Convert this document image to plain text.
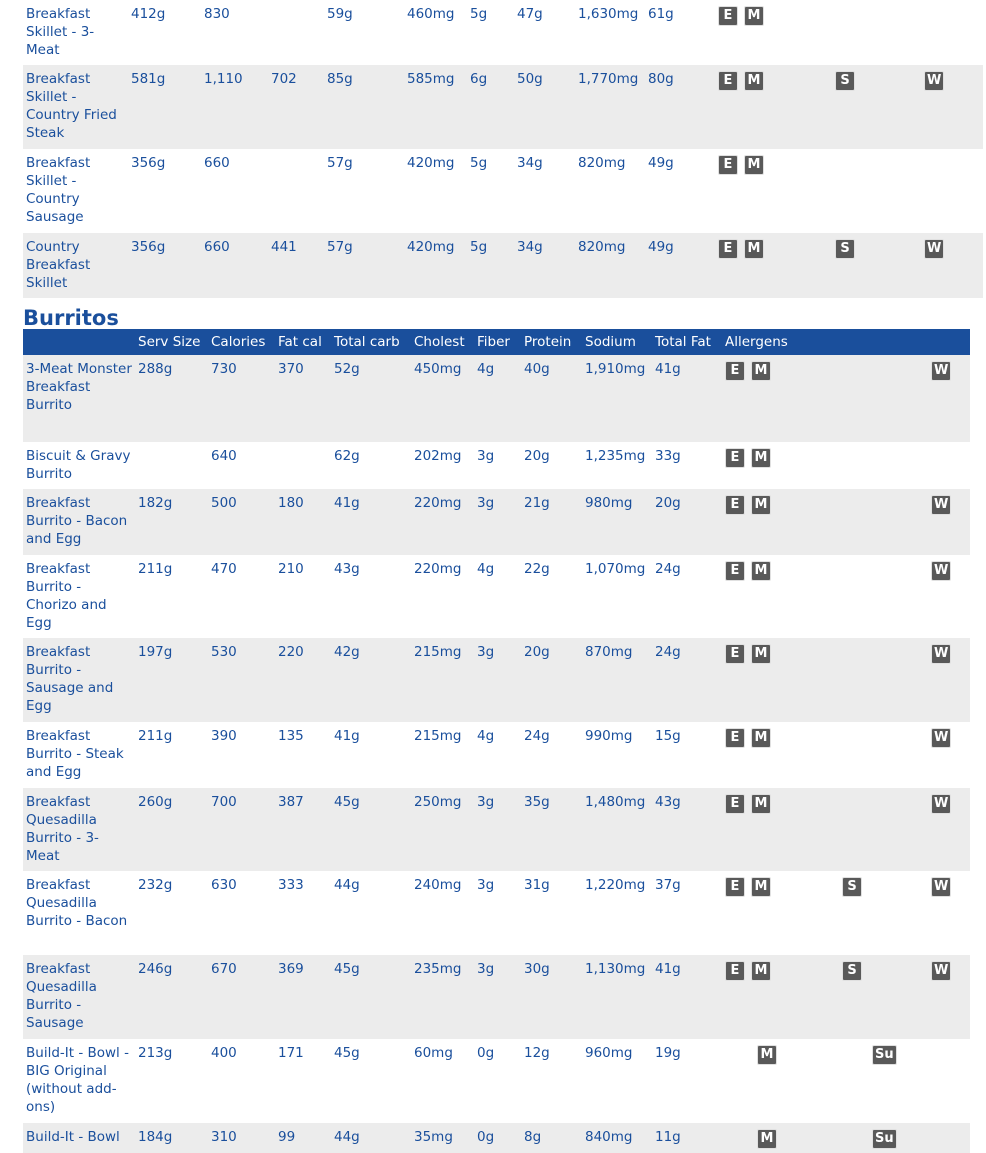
Breakfast Skillet - 3-Meat	412g	830		59g	460mg	5g	47g	1,630mg	61g	E M		
Breakfast Skillet - Country Fried Steak	581g	1,110	702	85g	585mg	6g	50g	1,770mg	80g	E M	S	W
Breakfast Skillet - Country Sausage	356g	660		57g	420mg	5g	34g	820mg	49g	E M		
Country Breakfast Skillet	356g	660	441	57g	420mg	5g	34g	820mg	49g	E M	S	W
Burritos
	Serv Size	Calories	Fat cal	Total carb	Cholest	Fiber	Protein	Sodium	Total Fat	Allergens			
3-Meat Monster Breakfast Burrito	288g	730	370	52g	450mg	4g	40g	1,910mg	41g	E M			W
Biscuit & Gravy Burrito		640		62g	202mg	3g	20g	1,235mg	33g	E M			
Breakfast Burrito - Bacon and Egg	182g	500	180	41g	220mg	3g	21g	980mg	20g	E M			W
Breakfast Burrito - Chorizo and Egg	211g	470	210	43g	220mg	4g	22g	1,070mg	24g	E M			W
Breakfast Burrito - Sausage and Egg	197g	530	220	42g	215mg	3g	20g	870mg	24g	E M			W
Breakfast Burrito - Steak and Egg	211g	390	135	41g	215mg	4g	24g	990mg	15g	E M			W
Breakfast Quesadilla Burrito - 3-Meat	260g	700	387	45g	250mg	3g	35g	1,480mg	43g	E M			W
Breakfast Quesadilla Burrito - Bacon	232g	630	333	44g	240mg	3g	31g	1,220mg	37g	E M	S		W
Breakfast Quesadilla Burrito - Sausage	246g	670	369	45g	235mg	3g	30g	1,130mg	41g	E M	S		W
Build-It - Bowl - BIG Original (without add-ons)	213g	400	171	45g	60mg	0g	12g	960mg	19g	M		Su	
Build-It - Bowl	184g	310	99	44g	35mg	0g	8g	840mg	11g	M		Su	
